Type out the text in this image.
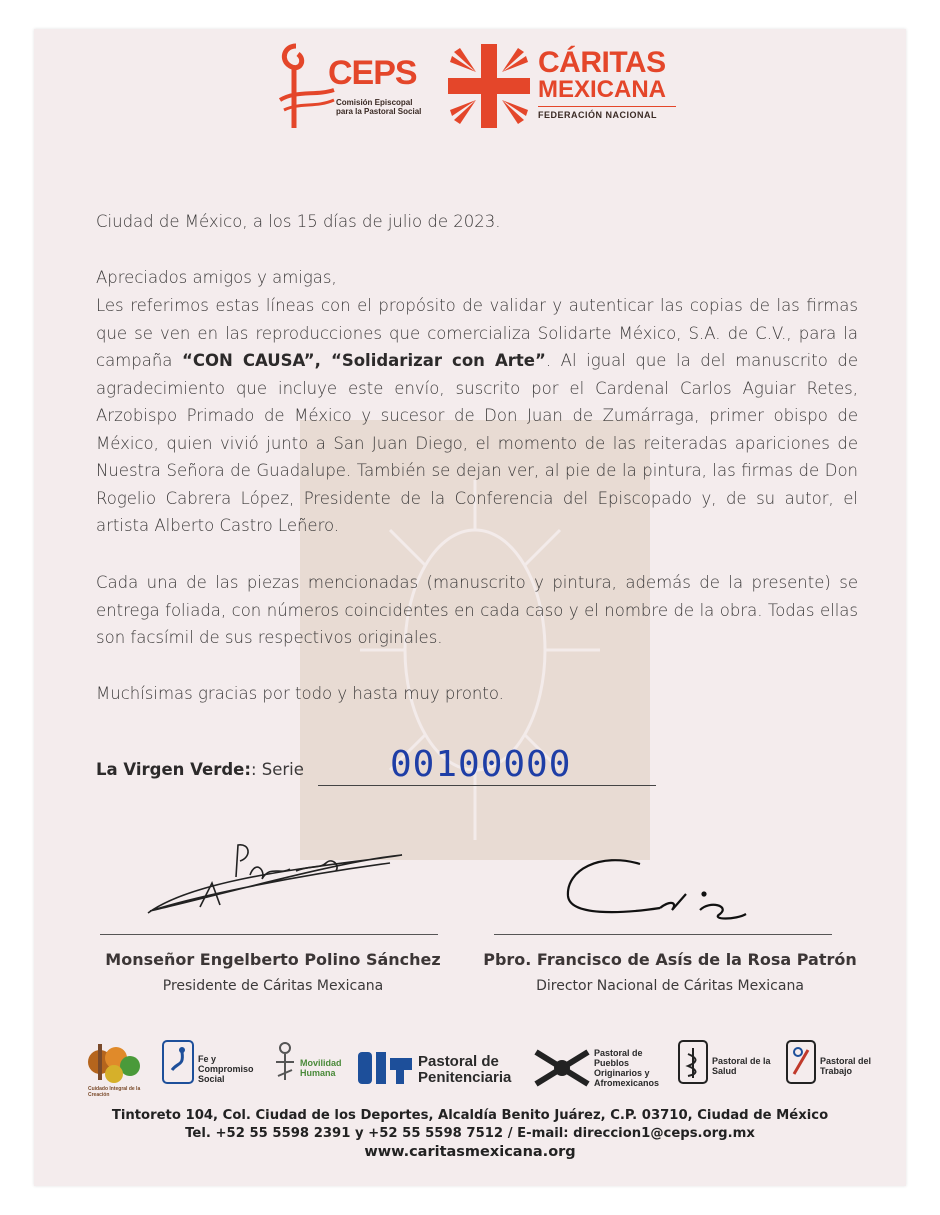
CEPS
Comisión Episcopal para la Pastoral Social
CÁRITAS
MEXICANA
FEDERACIÓN NACIONAL
Ciudad de México, a los 15 días de julio de 2023.
Apreciados amigos y amigas,
Les referimos estas líneas con el propósito de validar y autenticar las copias de las firmas que se ven en las reproducciones que comercializa Solidarte México, S.A. de C.V., para la campaña “CON CAUSA”, “Solidarizar con Arte”. Al igual que la del manuscrito de agradecimiento que incluye este envío, suscrito por el Cardenal Carlos Aguiar Retes, Arzobispo Primado de México y sucesor de Don Juan de Zumárraga, primer obispo de México, quien vivió junto a San Juan Diego, el momento de las reiteradas apariciones de Nuestra Señora de Guadalupe. También se dejan ver, al pie de la pintura, las firmas de Don Rogelio Cabrera López, Presidente de la Conferencia del Episcopado y, de su autor, el artista Alberto Castro Leñero.
Cada una de las piezas mencionadas (manuscrito y pintura, además de la presente) se entrega foliada, con números coincidentes en cada caso y el nombre de la obra. Todas ellas son facsímil de sus respectivos originales.
Muchísimas gracias por todo y hasta muy pronto.
La Virgen Verde:: Serie 00100000
Monseñor Engelberto Polino Sánchez
Presidente de Cáritas Mexicana
Pbro. Francisco de Asís de la Rosa Patrón
Director Nacional de Cáritas Mexicana
Cuidado Integral de la Creación
Fe y Compromiso Social
Movilidad Humana
Pastoral de Penitenciaria
Pastoral de Pueblos Originarios y Afromexicanos
Pastoral de la Salud
Pastoral del Trabajo
Tintoreto 104, Col. Ciudad de los Deportes, Alcaldía Benito Juárez, C.P. 03710, Ciudad de México
Tel. +52 55 5598 2391 y +52 55 5598 7512 / E-mail: direccion1@ceps.org.mx
www.caritasmexicana.org
